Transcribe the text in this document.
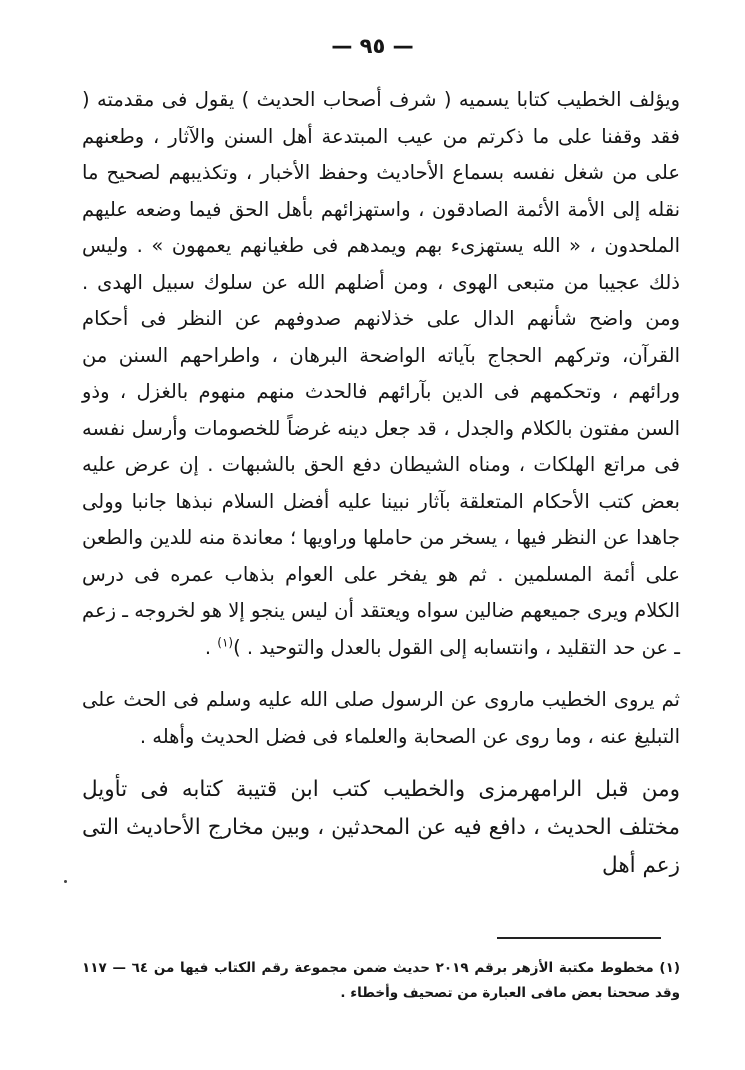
— ٩٥ —

ويؤلف الخطيب كتابا يسميه ( شرف أصحاب الحديث ) يقول فى مقدمته ( فقد وقفنا على ما ذكرتم من عيب المبتدعة أهل السنن والآثار ، وطعنهم على من شغل نفسه بسماع الأحاديث وحفظ الأخبار ، وتكذيبهم لصحيح ما نقله إلى الأمة الأئمة الصادقون ، واستهزائهم بأهل الحق فيما وضعه عليهم الملحدون ، « الله يستهزىء بهم ويمدهم فى طغيانهم يعمهون » . وليس ذلك عجيبا من متبعى الهوى ، ومن أضلهم الله عن سلوك سبيل الهدى . ومن واضح شأنهم الدال على خذلانهم صدوفهم عن النظر فى أحكام القرآن، وتركهم الحجاج بآياته الواضحة البرهان ، واطراحهم السنن من ورائهم ، وتحكمهم فى الدين بآرائهم فالحدث منهم منهوم بالغزل ، وذو السن مفتون بالكلام والجدل ، قد جعل دينه غرضاً للخصومات وأرسل نفسه فى مراتع الهلكات ، ومناه الشيطان دفع الحق بالشبهات . إن عرض عليه بعض كتب الأحكام المتعلقة بآثار نبينا عليه أفضل السلام نبذها جانبا وولى جاهدا عن النظر فيها ، يسخر من حاملها وراويها ؛ معاندة منه للدين والطعن على أئمة المسلمين . ثم هو يفخر على العوام بذهاب عمره فى درس الكلام ويرى جميعهم ضالين سواه ويعتقد أن ليس ينجو إلا هو لخروجه ـ زعم ـ عن حد التقليد ، وانتسابه إلى القول بالعدل والتوحيد . )$^{(١)}$ .

ثم يروى الخطيب ماروى عن الرسول صلى الله عليه وسلم فى الحث على التبليغ عنه ، وما روى عن الصحابة والعلماء فى فضل الحديث وأهله .

ومن قبل الرامهرمزى والخطيب كتب ابن قتيبة كتابه فى تأويل مختلف الحديث ، دافع فيه عن المحدثين ، وبين مخارج الأحاديث التى زعم أهل

(١) مخطوط مكتبة الأزهر برقم ٢٠١٩ حديث ضمن مجموعة رقم الكتاب فيها من ٦٤ — ١١٧ وقد صححنا بعض مافى العبارة من تصحيف وأخطاء .
